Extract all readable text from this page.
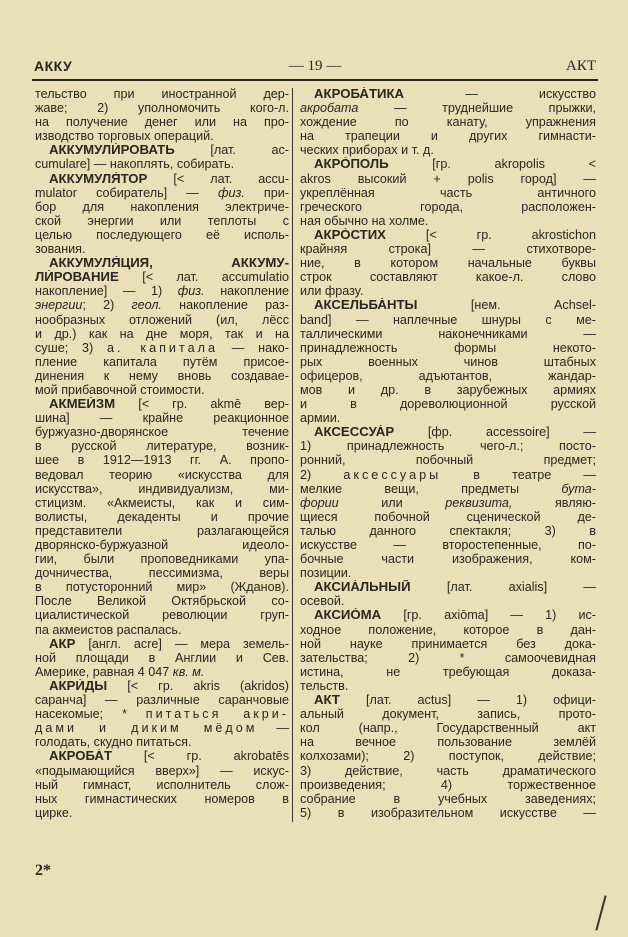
АККУ	— 19 —	АКТ
тельство при иностранной дер-
жаве; 2) уполномочить кого-л.
на получение денег или на про-
изводство торговых операций.
АККУМУЛИ́РОВАТЬ [лат. ac-
cumulare] — накоплять, собирать.
АККУМУЛЯ́ТОР [< лат. accu-
mulator собиратель] — физ. при-
бор для накопления электриче-
ской энергии или теплоты с
целью последующего её исполь-
зования.
АККУМУЛЯ́ЦИЯ, АККУМУ-
ЛИ́РОВАНИЕ [< лат. accumulatio
накопление] — 1) физ. накопление
энергии; 2) геол. накопление раз-
нообразных отложений (ил, лёсс
и др.) как на дне моря, так и на
суше; 3) а. капитала — нако-
пление капитала путём присое-
динения к нему вновь создавае-
мой прибавочной стоимости.
АКМЕИ́ЗМ [< гр. akmē вер-
шина] — крайне реакционное
буржуазно-дворянское течение
в русской литературе, возник-
шее в 1912—1913 гг. А. пропо-
ведовал теорию «искусства для
искусства», индивидуализм, ми-
стицизм. «Акмеисты, как и сим-
волисты, декаденты и прочие
представители разлагающейся
дворянско-буржуазной идеоло-
гии, были проповедниками упа-
дочничества, пессимизма, веры
в потусторонний мир» (Жданов).
После Великой Октябрьской со-
циалистической революции груп-
па акмеистов распалась.
АКР [англ. acre] — мера земель-
ной площади в Англии и Сев.
Америке, равная 4 047 кв. м.
АКРИ́ДЫ [< гр. akris (akridos)
саранча] — различные саранчовые
насекомые; * питаться акри-
дами и диким мёдом —
голодать, скудно питаться.
АКРОБА́Т [< гр. akrobatēs
«подымающийся вверх»] — искус-
ный гимнаст, исполнитель слож-
ных гимнастических номеров в
цирке.
АКРОБА́ТИКА — искусство
акробата — труднейшие прыжки,
хождение по канату, упражнения
на трапеции и других гимнасти-
ческих приборах и т. д.
АКРО́ПОЛЬ [гр. akropolis <
akros высокий + polis город] —
укреплённая часть античного
греческого города, расположен-
ная обычно на холме.
АКРО́СТИХ [< гр. akrostichon
крайняя строка] — стихотворе-
ние, в котором начальные буквы
строк составляют какое-л. слово
или фразу.
АКСЕЛЬБА́НТЫ [нем. Achsel-
band] — наплечные шнуры с ме-
таллическими наконечниками —
принадлежность формы некото-
рых военных чинов штабных
офицеров, адъютантов, жандар-
мов и др. в зарубежных армиях
и в дореволюционной русской
армии.
АКСЕССУА́Р [фр. accessoire] —
1) принадлежность чего-л.; посто-
ронний, побочный предмет;
2) аксессуары в театре —
мелкие вещи, предметы бута-
фории или реквизита, являю-
щиеся побочной сценической де-
талью данного спектакля; 3) в
искусстве — второстепенные, по-
бочные части изображения, ком-
позиции.
АКСИА́ЛЬНЫЙ [лат. axialis] —
осевой.
АКСИО́МА [гр. axiōma] — 1) ис-
ходное положение, которое в дан-
ной науке принимается без дока-
зательства; 2) * самоочевидная
истина, не требующая доказа-
тельств.
АКТ [лат. actus] — 1) офици-
альный документ, запись, прото-
кол (напр., Государственный акт
на вечное пользование землёй
колхозами); 2) поступок, действие;
3) действие, часть драматического
произведения; 4) торжественное
собрание в учебных заведениях;
5) в изобразительном искусстве —
2*
